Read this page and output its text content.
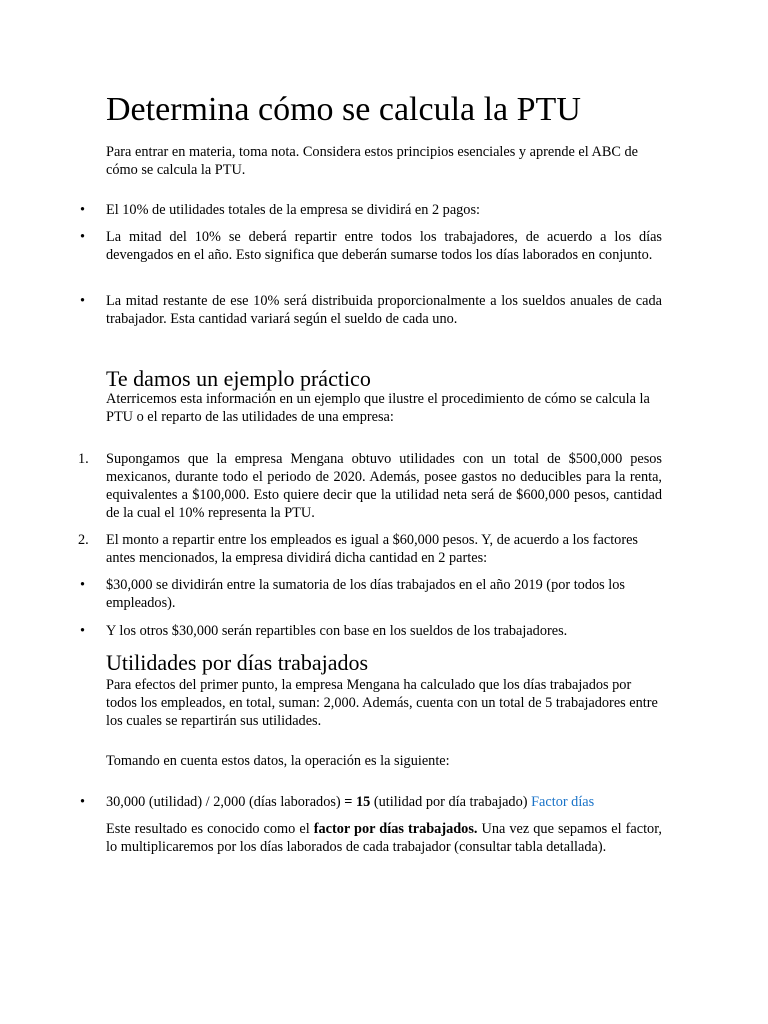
Determina cómo se calcula la PTU

Para entrar en materia, toma nota. Considera estos principios esenciales y aprende el ABC de cómo se calcula la PTU.

•	El 10% de utilidades totales de la empresa se dividirá en 2 pagos:
•	La mitad del 10% se deberá repartir entre todos los trabajadores, de acuerdo a los días devengados en el año. Esto significa que deberán sumarse todos los días laborados en conjunto.
•	La mitad restante de ese 10% será distribuida proporcionalmente a los sueldos anuales de cada trabajador. Esta cantidad variará según el sueldo de cada uno.
Te damos un ejemplo práctico

Aterricemos esta información en un ejemplo que ilustre el procedimiento de cómo se calcula la PTU o el reparto de las utilidades de una empresa:

1.	Supongamos que la empresa Mengana obtuvo utilidades con un total de $500,000 pesos mexicanos, durante todo el periodo de 2020. Además, posee gastos no deducibles para la renta, equivalentes a $100,000. Esto quiere decir que la utilidad neta será de $600,000 pesos, cantidad de la cual el 10% representa la PTU.
2.	El monto a repartir entre los empleados es igual a $60,000 pesos. Y, de acuerdo a los factores antes mencionados, la empresa dividirá dicha cantidad en 2 partes:
•	$30,000 se dividirán entre la sumatoria de los días trabajados en el año 2019 (por todos los empleados).
•	Y los otros $30,000 serán repartibles con base en los sueldos de los trabajadores.
Utilidades por días trabajados

Para efectos del primer punto, la empresa Mengana ha calculado que los días trabajados por todos los empleados, en total, suman: 2,000. Además, cuenta con un total de 5 trabajadores entre los cuales se repartirán sus utilidades.

Tomando en cuenta estos datos, la operación es la siguiente:

•	30,000 (utilidad) / 2,000 (días laborados) = 15 (utilidad por día trabajado) Factor días

Este resultado es conocido como el factor por días trabajados. Una vez que sepamos el factor, lo multiplicaremos por los días laborados de cada trabajador (consultar tabla detallada).
